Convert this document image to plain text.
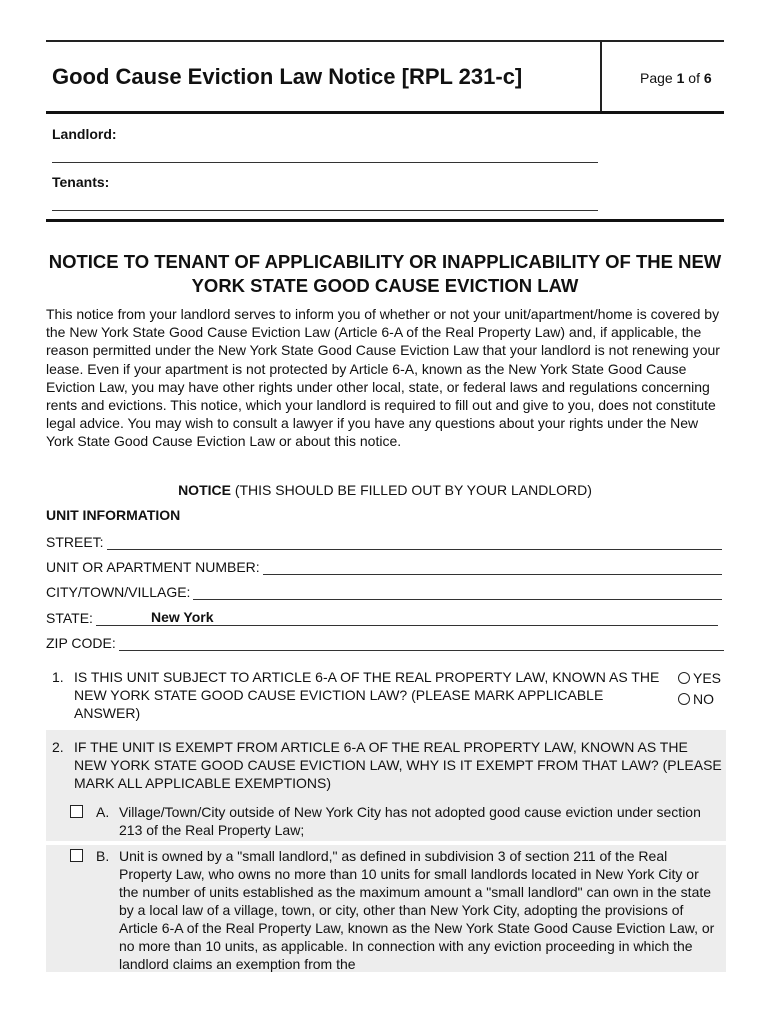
Good Cause Eviction Law Notice [RPL 231-c]	Page 1 of 6
Landlord:
Tenants:
NOTICE TO TENANT OF APPLICABILITY OR INAPPLICABILITY OF THE NEW YORK STATE GOOD CAUSE EVICTION LAW
This notice from your landlord serves to inform you of whether or not your unit/apartment/home is covered by the New York State Good Cause Eviction Law (Article 6-A of the Real Property Law) and, if applicable, the reason permitted under the New York State Good Cause Eviction Law that your landlord is not renewing your lease. Even if your apartment is not protected by Article 6-A, known as the New York State Good Cause Eviction Law, you may have other rights under other local, state, or federal laws and regulations concerning rents and evictions. This notice, which your landlord is required to fill out and give to you, does not constitute legal advice. You may wish to consult a lawyer if you have any questions about your rights under the New York State Good Cause Eviction Law or about this notice.
NOTICE (THIS SHOULD BE FILLED OUT BY YOUR LANDLORD)
UNIT INFORMATION
STREET:
UNIT OR APARTMENT NUMBER:
CITY/TOWN/VILLAGE:
STATE:	New York
ZIP CODE:
1. IS THIS UNIT SUBJECT TO ARTICLE 6-A OF THE REAL PROPERTY LAW, KNOWN AS THE NEW YORK STATE GOOD CAUSE EVICTION LAW? (PLEASE MARK APPLICABLE ANSWER)
YES
NO
2. IF THE UNIT IS EXEMPT FROM ARTICLE 6-A OF THE REAL PROPERTY LAW, KNOWN AS THE NEW YORK STATE GOOD CAUSE EVICTION LAW, WHY IS IT EXEMPT FROM THAT LAW? (PLEASE MARK ALL APPLICABLE EXEMPTIONS)
A. Village/Town/City outside of New York City has not adopted good cause eviction under section 213 of the Real Property Law;
B. Unit is owned by a "small landlord," as defined in subdivision 3 of section 211 of the Real Property Law, who owns no more than 10 units for small landlords located in New York City or the number of units established as the maximum amount a "small landlord" can own in the state by a local law of a village, town, or city, other than New York City, adopting the provisions of Article 6-A of the Real Property Law, known as the New York State Good Cause Eviction Law, or no more than 10 units, as applicable. In connection with any eviction proceeding in which the landlord claims an exemption from the
